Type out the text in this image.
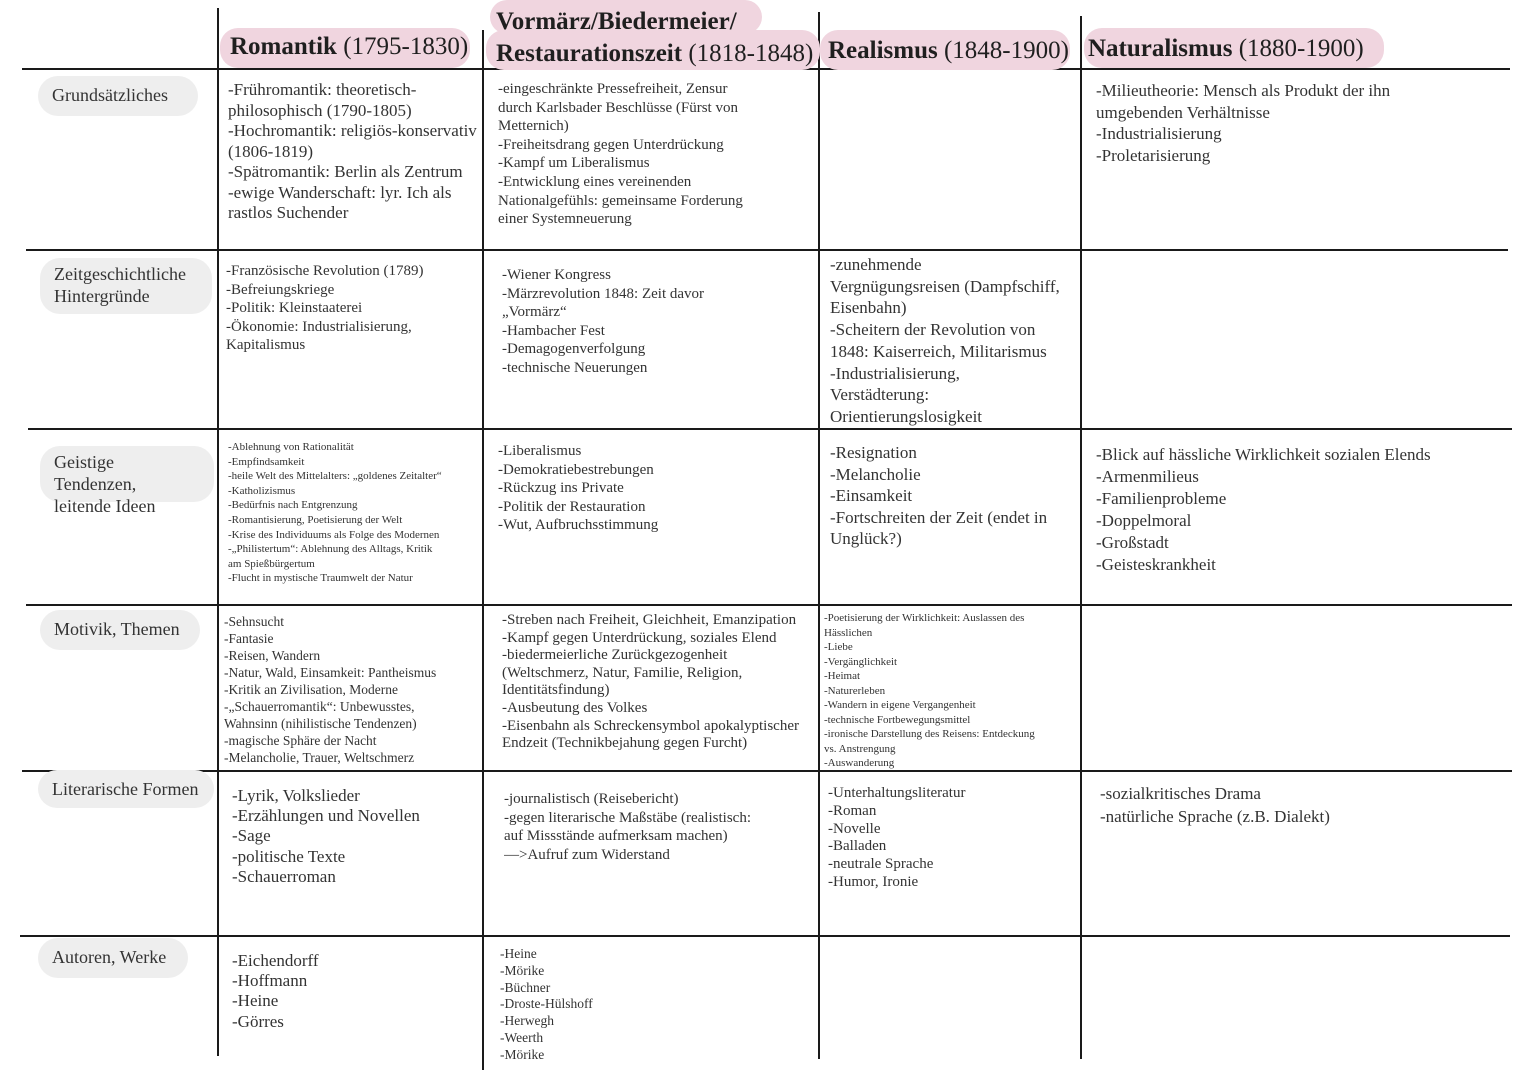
Romantik (1795-1830)
Vormärz/Biedermeier/
Restaurationszeit (1818-1848) Realismus (1848-1900) Naturalismus (1880-1900)
Grundsätzliches
Zeitgeschichtliche
Hintergründe
Geistige Tendenzen,
leitende Ideen
Motivik, Themen
Literarische Formen
Autoren, Werke
-Frühromantik: theoretisch-
philosophisch (1790-1805)
-Hochromantik: religiös-konservativ
(1806-1819)
-Spätromantik: Berlin als Zentrum
-ewige Wanderschaft: lyr. Ich als
rastlos Suchender
-eingeschränkte Pressefreiheit, Zensur
durch Karlsbader Beschlüsse (Fürst von
Metternich)
-Freiheitsdrang gegen Unterdrückung
-Kampf um Liberalismus
-Entwicklung eines vereinenden
Nationalgefühls: gemeinsame Forderung
einer Systemneuerung
-Milieutheorie: Mensch als Produkt der ihn
umgebenden Verhältnisse
-Industrialisierung
-Proletarisierung
-Französische Revolution (1789)
-Befreiungskriege
-Politik: Kleinstaaterei
-Ökonomie: Industrialisierung,
Kapitalismus
-Wiener Kongress
-Märzrevolution 1848: Zeit davor
„Vormärz“
-Hambacher Fest
-Demagogenverfolgung
-technische Neuerungen
-zunehmende
Vergnügungsreisen (Dampfschiff,
Eisenbahn)
-Scheitern der Revolution von
1848: Kaiserreich, Militarismus
-Industrialisierung,
Verstädterung:
Orientierungslosigkeit
-Ablehnung von Rationalität
-Empfindsamkeit
-heile Welt des Mittelalters: „goldenes Zeitalter“
-Katholizismus
-Bedürfnis nach Entgrenzung
-Romantisierung, Poetisierung der Welt
-Krise des Individuums als Folge des Modernen
-„Philistertum“: Ablehnung des Alltags, Kritik
am Spießbürgertum
-Flucht in mystische Traumwelt der Natur
-Liberalismus
-Demokratiebestrebungen
-Rückzug ins Private
-Politik der Restauration
-Wut, Aufbruchsstimmung
-Resignation
-Melancholie
-Einsamkeit
-Fortschreiten der Zeit (endet in
Unglück?)
-Blick auf hässliche Wirklichkeit sozialen Elends
-Armenmilieus
-Familienprobleme
-Doppelmoral
-Großstadt
-Geisteskrankheit
-Sehnsucht
-Fantasie
-Reisen, Wandern
-Natur, Wald, Einsamkeit: Pantheismus
-Kritik an Zivilisation, Moderne
-„Schauerromantik“: Unbewusstes,
Wahnsinn (nihilistische Tendenzen)
-magische Sphäre der Nacht
-Melancholie, Trauer, Weltschmerz
-Streben nach Freiheit, Gleichheit, Emanzipation
-Kampf gegen Unterdrückung, soziales Elend
-biedermeierliche Zurückgezogenheit
(Weltschmerz, Natur, Familie, Religion,
Identitätsfindung)
-Ausbeutung des Volkes
-Eisenbahn als Schreckensymbol apokalyptischer
Endzeit (Technikbejahung gegen Furcht)
-Poetisierung der Wirklichkeit: Auslassen des
Hässlichen
-Liebe
-Vergänglichkeit
-Heimat
-Naturerleben
-Wandern in eigene Vergangenheit
-technische Fortbewegungsmittel
-ironische Darstellung des Reisens: Entdeckung
vs. Anstrengung
-Auswanderung
-Lyrik, Volkslieder
-Erzählungen und Novellen
-Sage
-politische Texte
-Schauerroman
-journalistisch (Reisebericht)
-gegen literarische Maßstäbe (realistisch:
auf Missstände aufmerksam machen)
—>Aufruf zum Widerstand
-Unterhaltungsliteratur
-Roman
-Novelle
-Balladen
-neutrale Sprache
-Humor, Ironie
-sozialkritisches Drama
-natürliche Sprache (z.B. Dialekt)
-Eichendorff
-Hoffmann
-Heine
-Görres
-Heine
-Mörike
-Büchner
-Droste-Hülshoff
-Herwegh
-Weerth
-Mörike
